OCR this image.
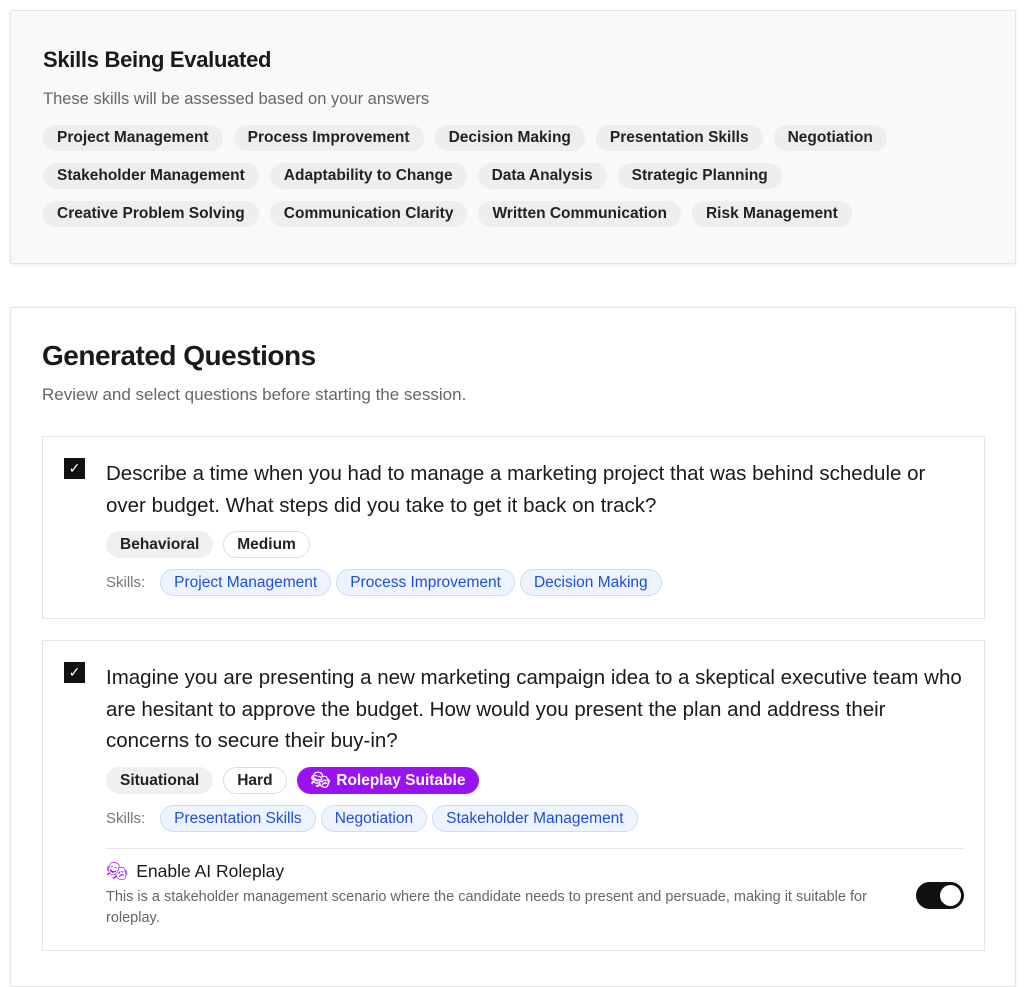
Skills Being Evaluated
These skills will be assessed based on your answers
Project Management	Process Improvement	Decision Making	Presentation Skills	Negotiation
Stakeholder Management	Adaptability to Change	Data Analysis	Strategic Planning
Creative Problem Solving	Communication Clarity	Written Communication	Risk Management
Generated Questions
Review and select questions before starting the session.
✓ Describe a time when you had to manage a marketing project that was behind schedule or over budget. What steps did you take to get it back on track?
Behavioral	Medium
Skills:	Project Management	Process Improvement	Decision Making
✓ Imagine you are presenting a new marketing campaign idea to a skeptical executive team who are hesitant to approve the budget. How would you present the plan and address their concerns to secure their buy-in?
Situational	Hard	🎭︎ Roleplay Suitable
Skills:	Presentation Skills	Negotiation	Stakeholder Management
🎭︎ Enable AI Roleplay
This is a stakeholder management scenario where the candidate needs to present and persuade, making it suitable for roleplay.
